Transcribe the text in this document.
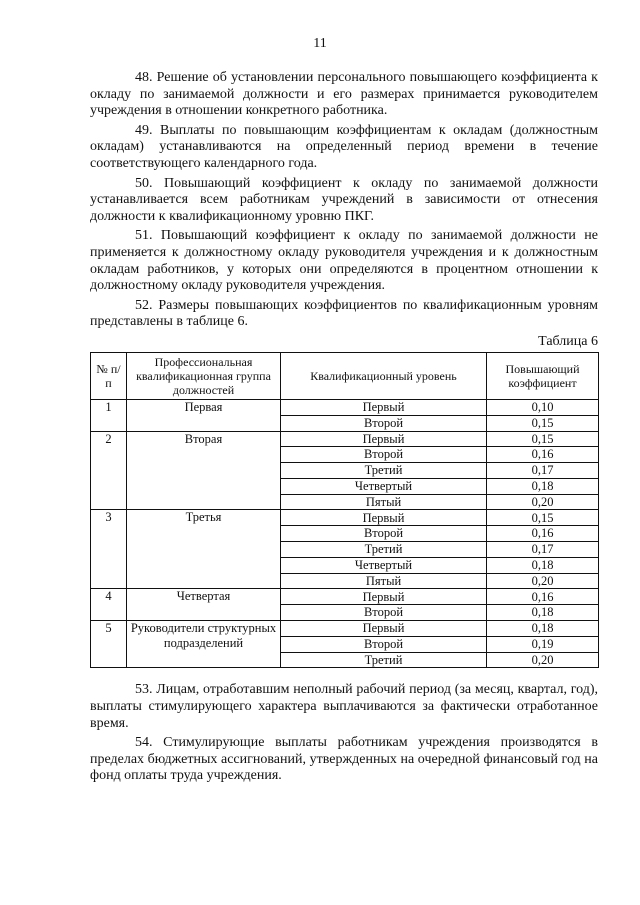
11

48. Решение об установлении персонального повышающего коэффициента к окладу по занимаемой должности и его размерах принимается руководителем учреждения в отношении конкретного работника.

49. Выплаты по повышающим коэффициентам к окладам (должностным окладам) устанавливаются на определенный период времени в течение соответствующего календарного года.

50. Повышающий коэффициент к окладу по занимаемой должности устанавливается всем работникам учреждений в зависимости от отнесения должности к квалификационному уровню ПКГ.

51. Повышающий коэффициент к окладу по занимаемой должности не применяется к должностному окладу руководителя учреждения и к должностным окладам работников, у которых они определяются в процентном отношении к должностному окладу руководителя учреждения.

52. Размеры повышающих коэффициентов по квалификационным уровням представлены в таблице 6.

Таблица 6
№ п/п	Профессиональная квалификационная группа должностей	Квалификационный уровень	Повышающий коэффициент
1	Первая	Первый	0,10
		Второй	0,15
2	Вторая	Первый	0,15
		Второй	0,16
		Третий	0,17
		Четвертый	0,18
		Пятый	0,20
3	Третья	Первый	0,15
		Второй	0,16
		Третий	0,17
		Четвертый	0,18
		Пятый	0,20
4	Четвертая	Первый	0,16
		Второй	0,18
5	Руководители структурных подразделений	Первый	0,18
		Второй	0,19
		Третий	0,20

53. Лицам, отработавшим неполный рабочий период (за месяц, квартал, год), выплаты стимулирующего характера выплачиваются за фактически отработанное время.

54. Стимулирующие выплаты работникам учреждения производятся в пределах бюджетных ассигнований, утвержденных на очередной финансовый год на фонд оплаты труда учреждения.
